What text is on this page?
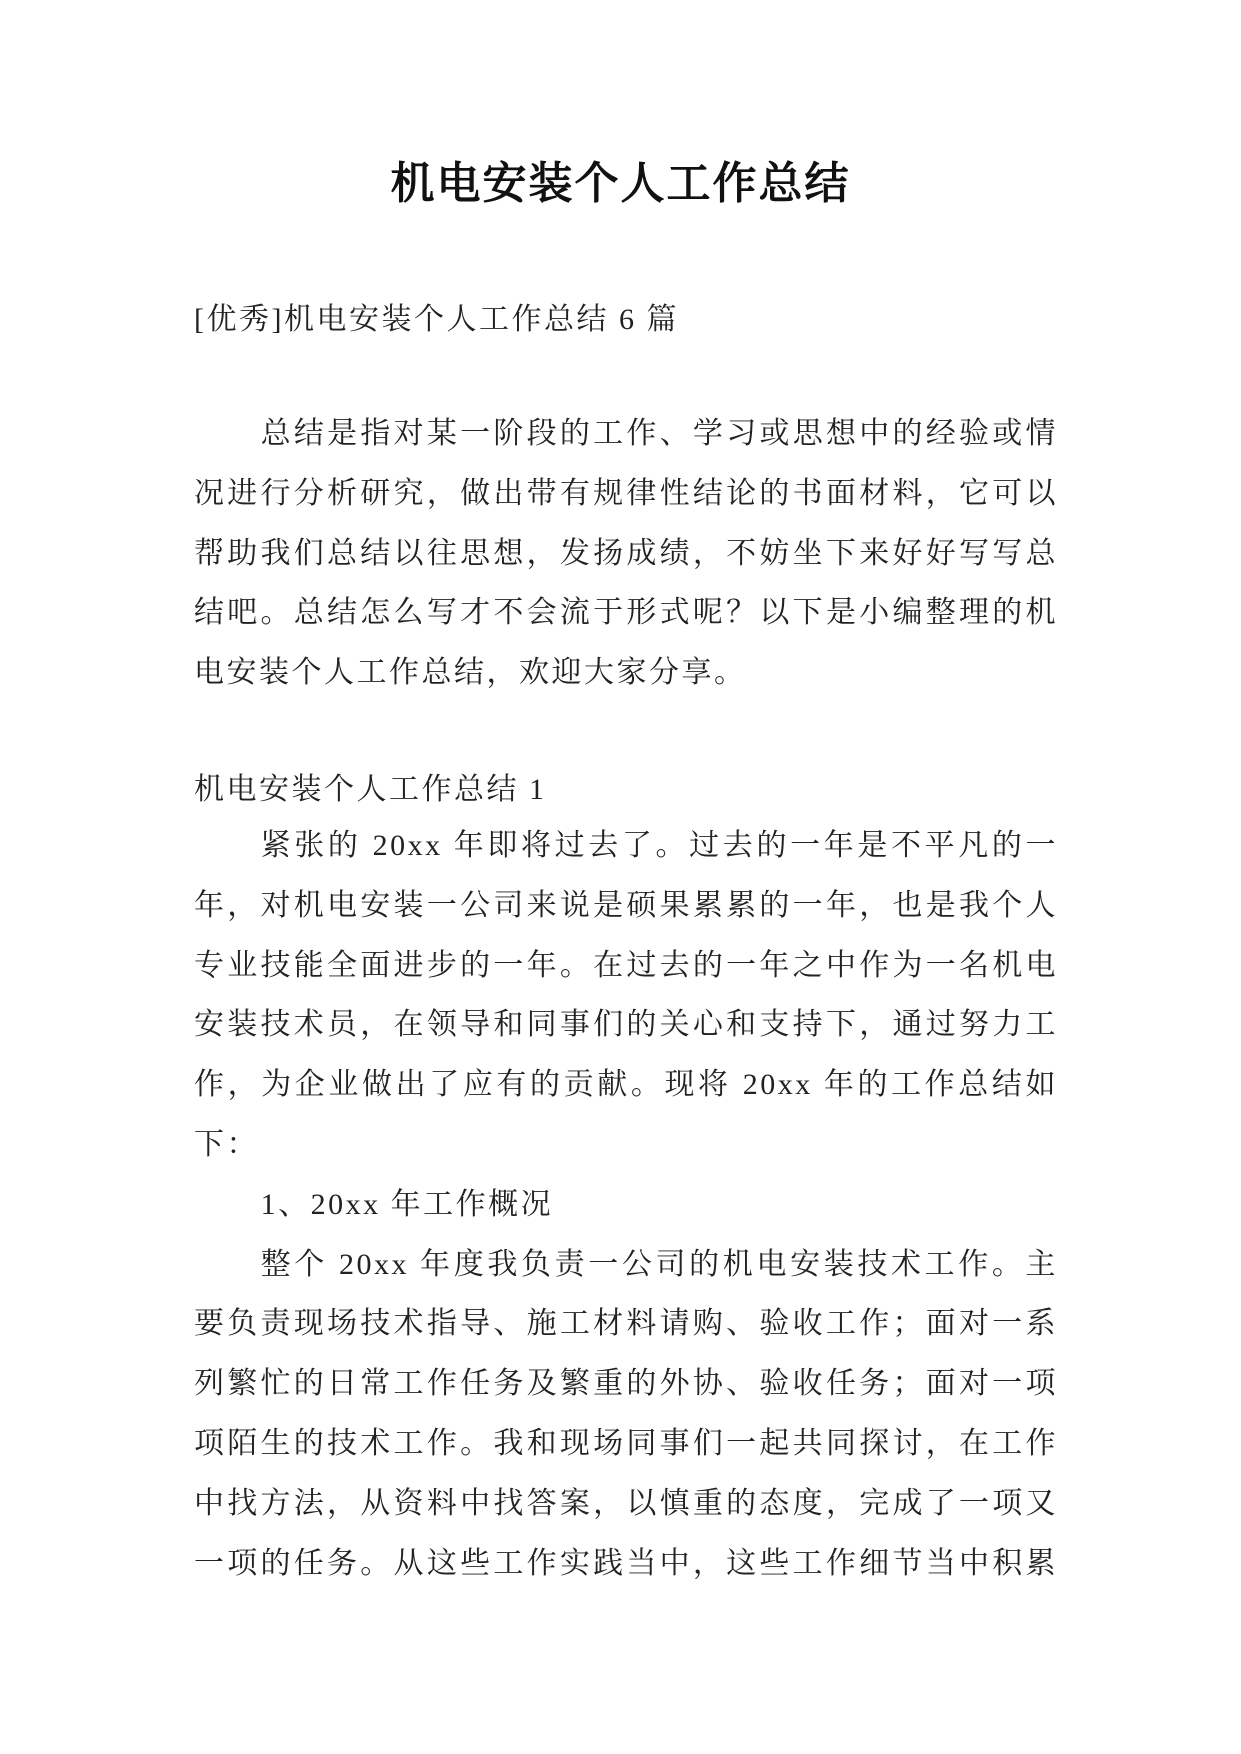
机电安装个人工作总结
[优秀]机电安装个人工作总结 6 篇
总结是指对某一阶段的工作、学习或思想中的经验或情
况进行分析研究，做出带有规律性结论的书面材料，它可以
帮助我们总结以往思想，发扬成绩，不妨坐下来好好写写总
结吧。总结怎么写才不会流于形式呢？以下是小编整理的机
电安装个人工作总结，欢迎大家分享。
机电安装个人工作总结 1
紧张的 20xx 年即将过去了。过去的一年是不平凡的一
年，对机电安装一公司来说是硕果累累的一年，也是我个人
专业技能全面进步的一年。在过去的一年之中作为一名机电
安装技术员，在领导和同事们的关心和支持下，通过努力工
作，为企业做出了应有的贡献。现将 20xx 年的工作总结如
下：
1、20xx 年工作概况
整个 20xx 年度我负责一公司的机电安装技术工作。主
要负责现场技术指导、施工材料请购、验收工作；面对一系
列繁忙的日常工作任务及繁重的外协、验收任务；面对一项
项陌生的技术工作。我和现场同事们一起共同探讨，在工作
中找方法，从资料中找答案，以慎重的态度，完成了一项又
一项的任务。从这些工作实践当中，这些工作细节当中积累
